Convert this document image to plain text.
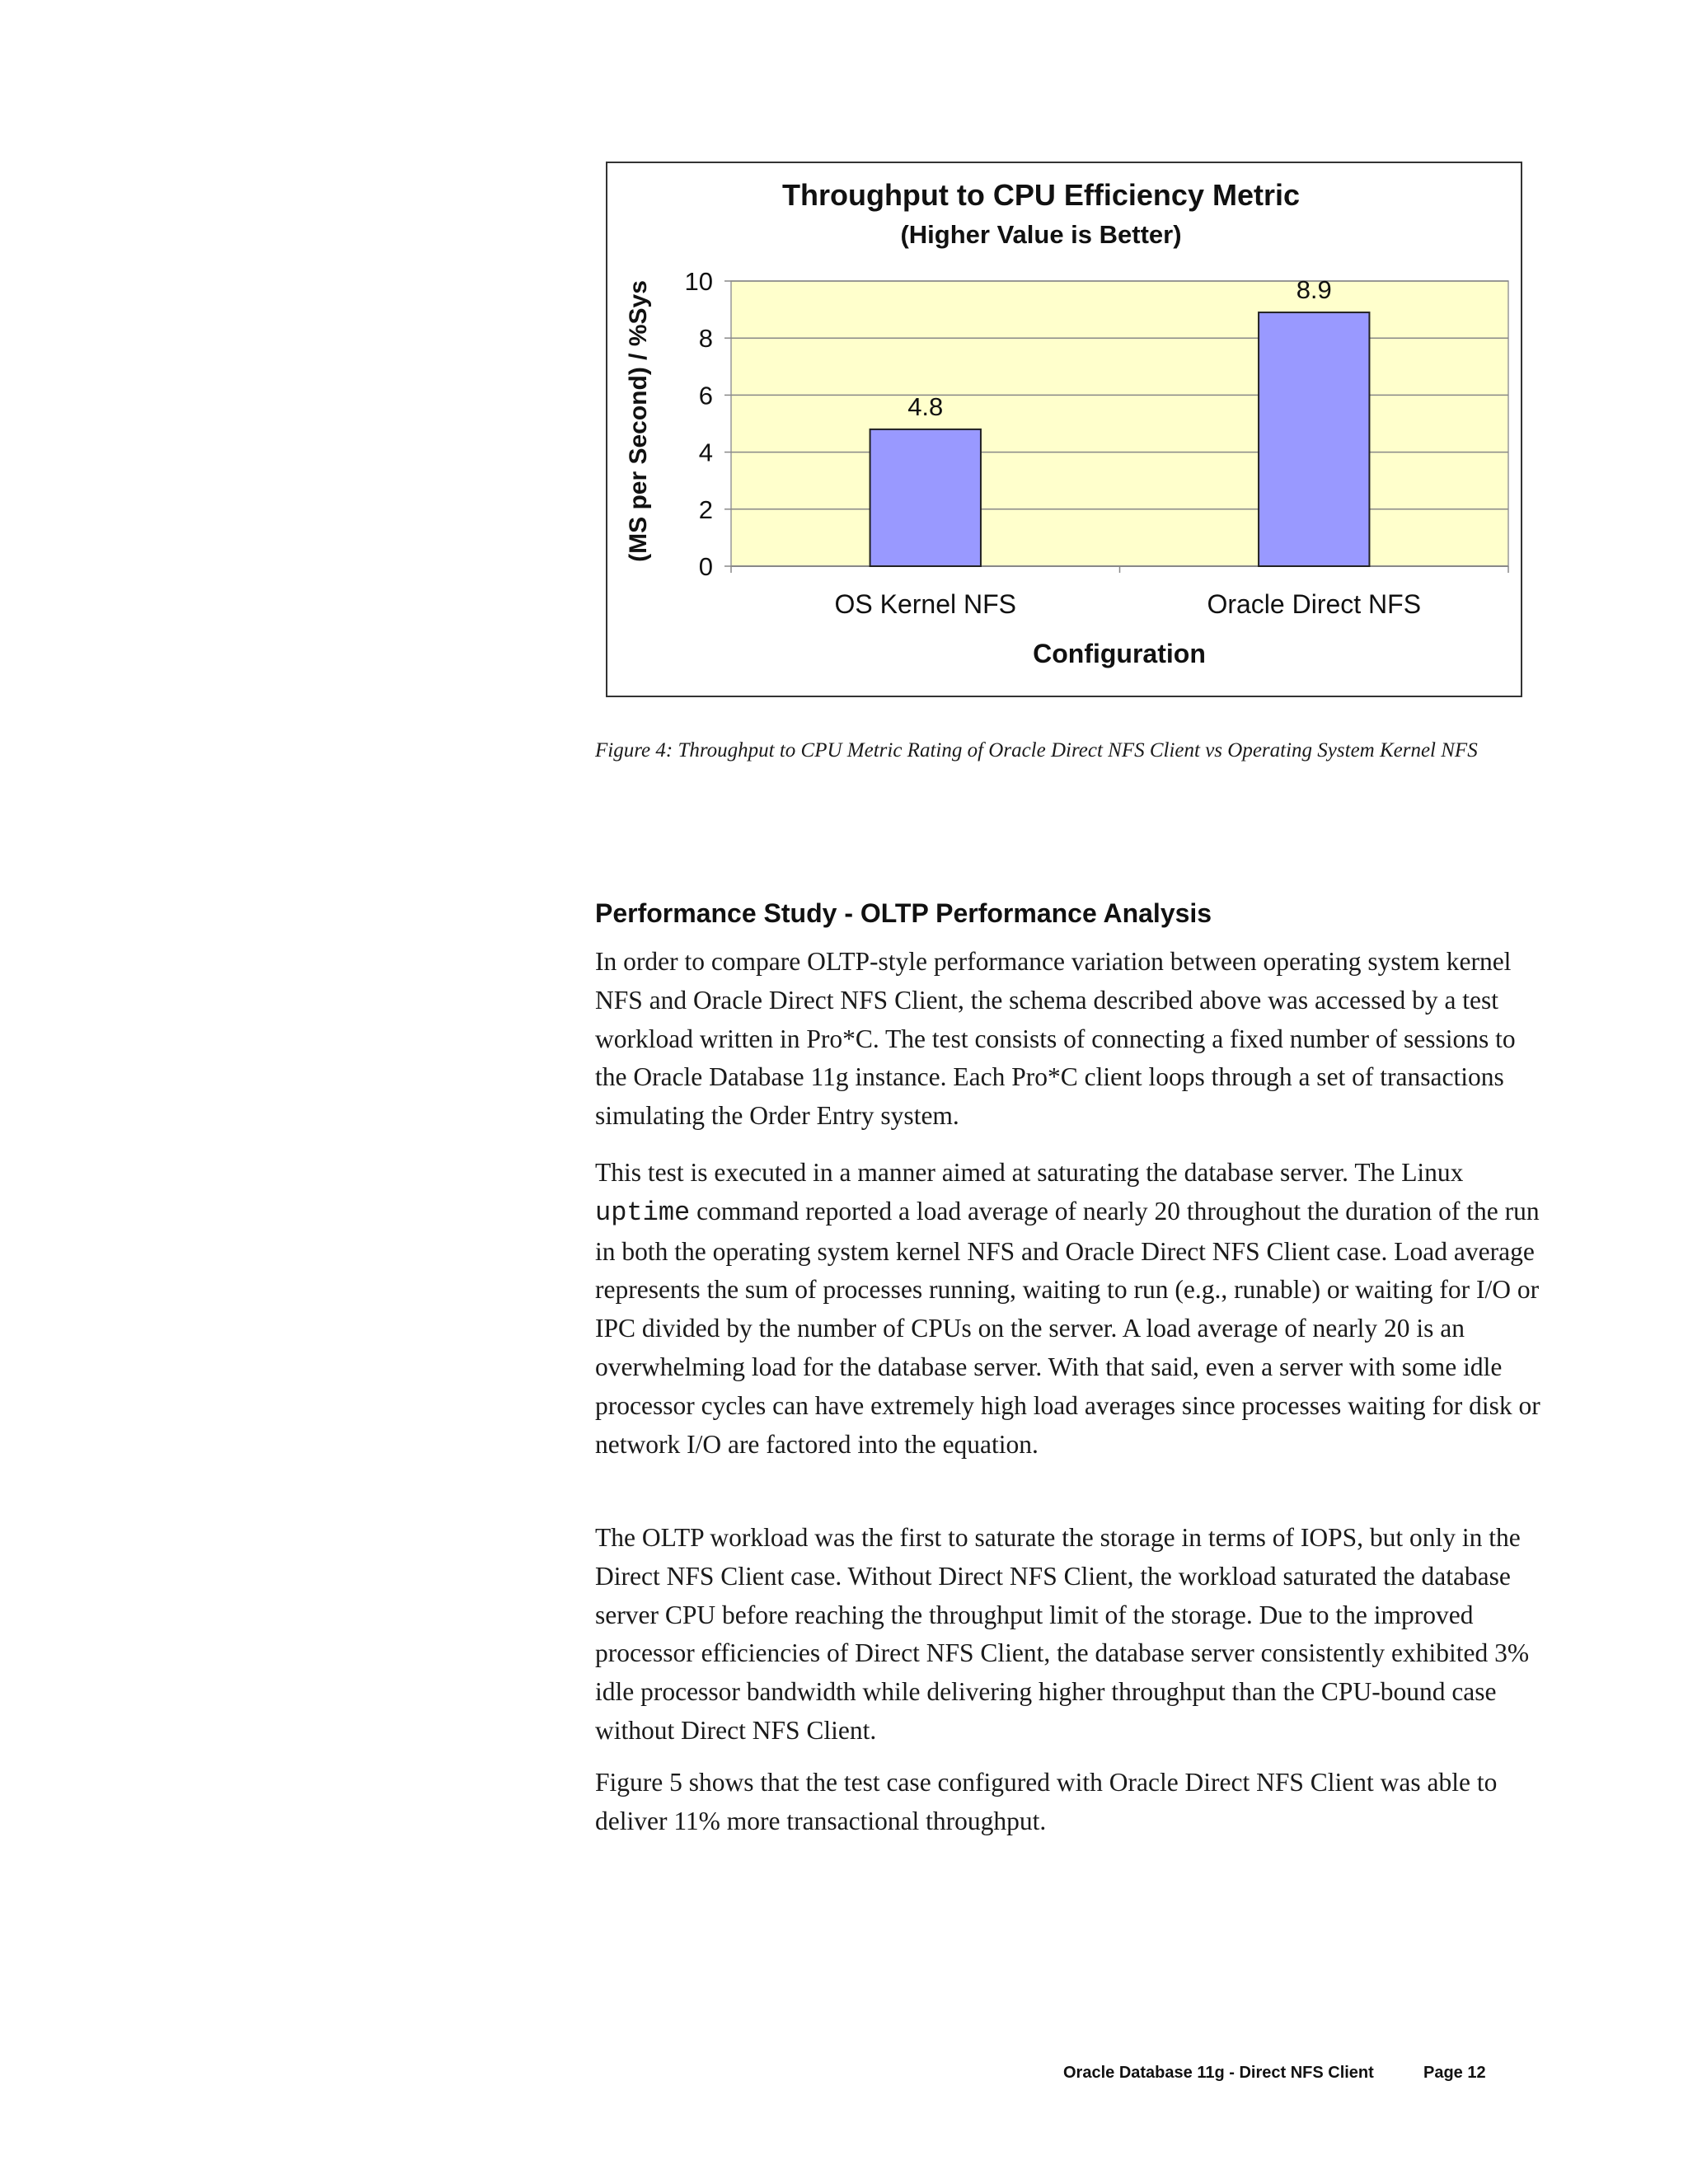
Throughput to CPU Efficiency Metric
(Higher Value is Better)
0
2
4
6
8
10
4.8
OS Kernel NFS
8.9
Oracle Direct NFS
(MS per Second) / %Sys
Configuration
Figure 4: Throughput to CPU Metric Rating of Oracle Direct NFS Client vs Operating System Kernel NFS
Performance Study - OLTP Performance Analysis

In order to compare OLTP-style performance variation between operating system kernel NFS and Oracle Direct NFS Client, the schema described above was accessed by a test workload written in Pro*C. The test consists of connecting a fixed number of sessions to the Oracle Database 11g instance. Each Pro*C client loops through a set of transactions simulating the Order Entry system.

This test is executed in a manner aimed at saturating the database server. The Linux uptime command reported a load average of nearly 20 throughout the duration of the run in both the operating system kernel NFS and Oracle Direct NFS Client case. Load average represents the sum of processes running, waiting to run (e.g., runable) or waiting for I/O or IPC divided by the number of CPUs on the server. A load average of nearly 20 is an overwhelming load for the database server. With that said, even a server with some idle processor cycles can have extremely high load averages since processes waiting for disk or network I/O are factored into the equation.

The OLTP workload was the first to saturate the storage in terms of IOPS, but only in the Direct NFS Client case. Without Direct NFS Client, the workload saturated the database server CPU before reaching the throughput limit of the storage. Due to the improved processor efficiencies of Direct NFS Client, the database server consistently exhibited 3% idle processor bandwidth while delivering higher throughput than the CPU-bound case without Direct NFS Client.

Figure 5 shows that the test case configured with Oracle Direct NFS Client was able to deliver 11% more transactional throughput.

Oracle Database 11g - Direct NFS Client	Page 12
